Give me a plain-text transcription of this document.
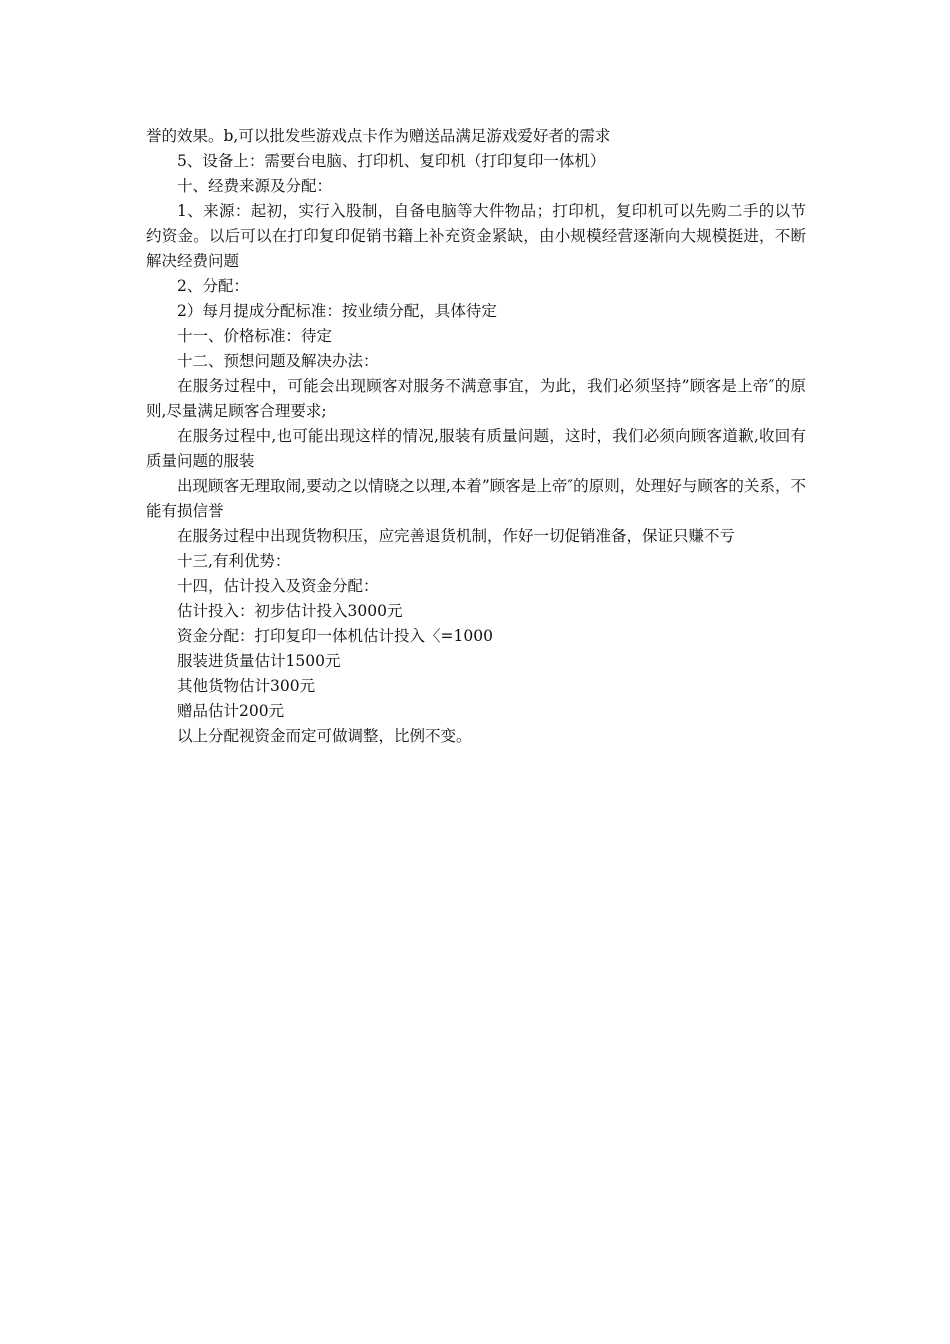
誉的效果。b,可以批发些游戏点卡作为赠送品满足游戏爱好者的需求

5、设备上：需要台电脑、打印机、复印机（打印复印一体机）

十、经费来源及分配：

1、来源：起初，实行入股制，自备电脑等大件物品；打印机，复印机可以先购二手的以节约资金。以后可以在打印复印促销书籍上补充资金紧缺，由小规模经营逐渐向大规模挺进，不断解决经费问题

2、分配：

2）每月提成分配标准：按业绩分配，具体待定

十一、价格标准：待定

十二、预想问题及解决办法：

在服务过程中，可能会出现顾客对服务不满意事宜，为此，我们必须坚持”顾客是上帝″的原则,尽量满足顾客合理要求;

在服务过程中,也可能出现这样的情况,服装有质量问题，这时，我们必须向顾客道歉,收回有质量问题的服装

出现顾客无理取闹,要动之以情晓之以理,本着”顾客是上帝″的原则，处理好与顾客的关系，不能有损信誉

在服务过程中出现货物积压，应完善退货机制，作好一切促销准备，保证只赚不亏

十三,有利优势：

十四，估计投入及资金分配：

估计投入：初步估计投入3000元

资金分配：打印复印一体机估计投入〈=1000

服装进货量估计1500元

其他货物估计300元

赠品估计200元

以上分配视资金而定可做调整，比例不变。
